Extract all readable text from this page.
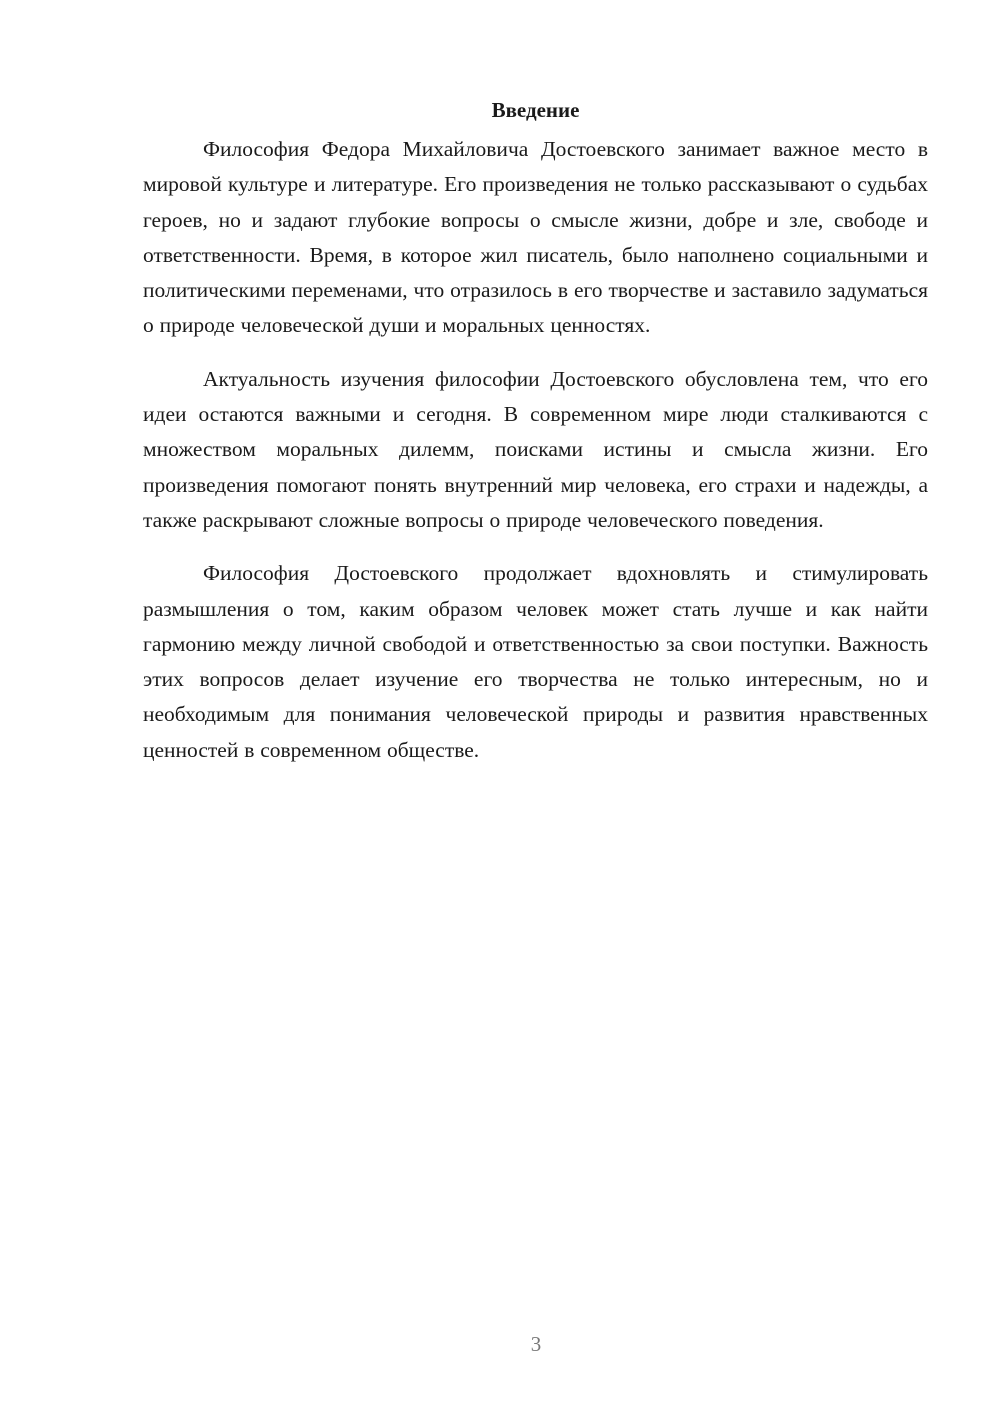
Введение

Философия Федора Михайловича Достоевского занимает важное место в мировой культуре и литературе. Его произведения не только рассказывают о судьбах героев, но и задают глубокие вопросы о смысле жизни, добре и зле, свободе и ответственности. Время, в которое жил писатель, было наполнено социальными и политическими переменами, что отразилось в его творчестве и заставило задуматься о природе человеческой души и моральных ценностях.

Актуальность изучения философии Достоевского обусловлена тем, что его идеи остаются важными и сегодня. В современном мире люди сталкиваются с множеством моральных дилемм, поисками истины и смысла жизни. Его произведения помогают понять внутренний мир человека, его страхи и надежды, а также раскрывают сложные вопросы о природе человеческого поведения.

Философия Достоевского продолжает вдохновлять и стимулировать размышления о том, каким образом человек может стать лучше и как найти гармонию между личной свободой и ответственностью за свои поступки. Важность этих вопросов делает изучение его творчества не только интересным, но и необходимым для понимания человеческой природы и развития нравственных ценностей в современном обществе.

3
